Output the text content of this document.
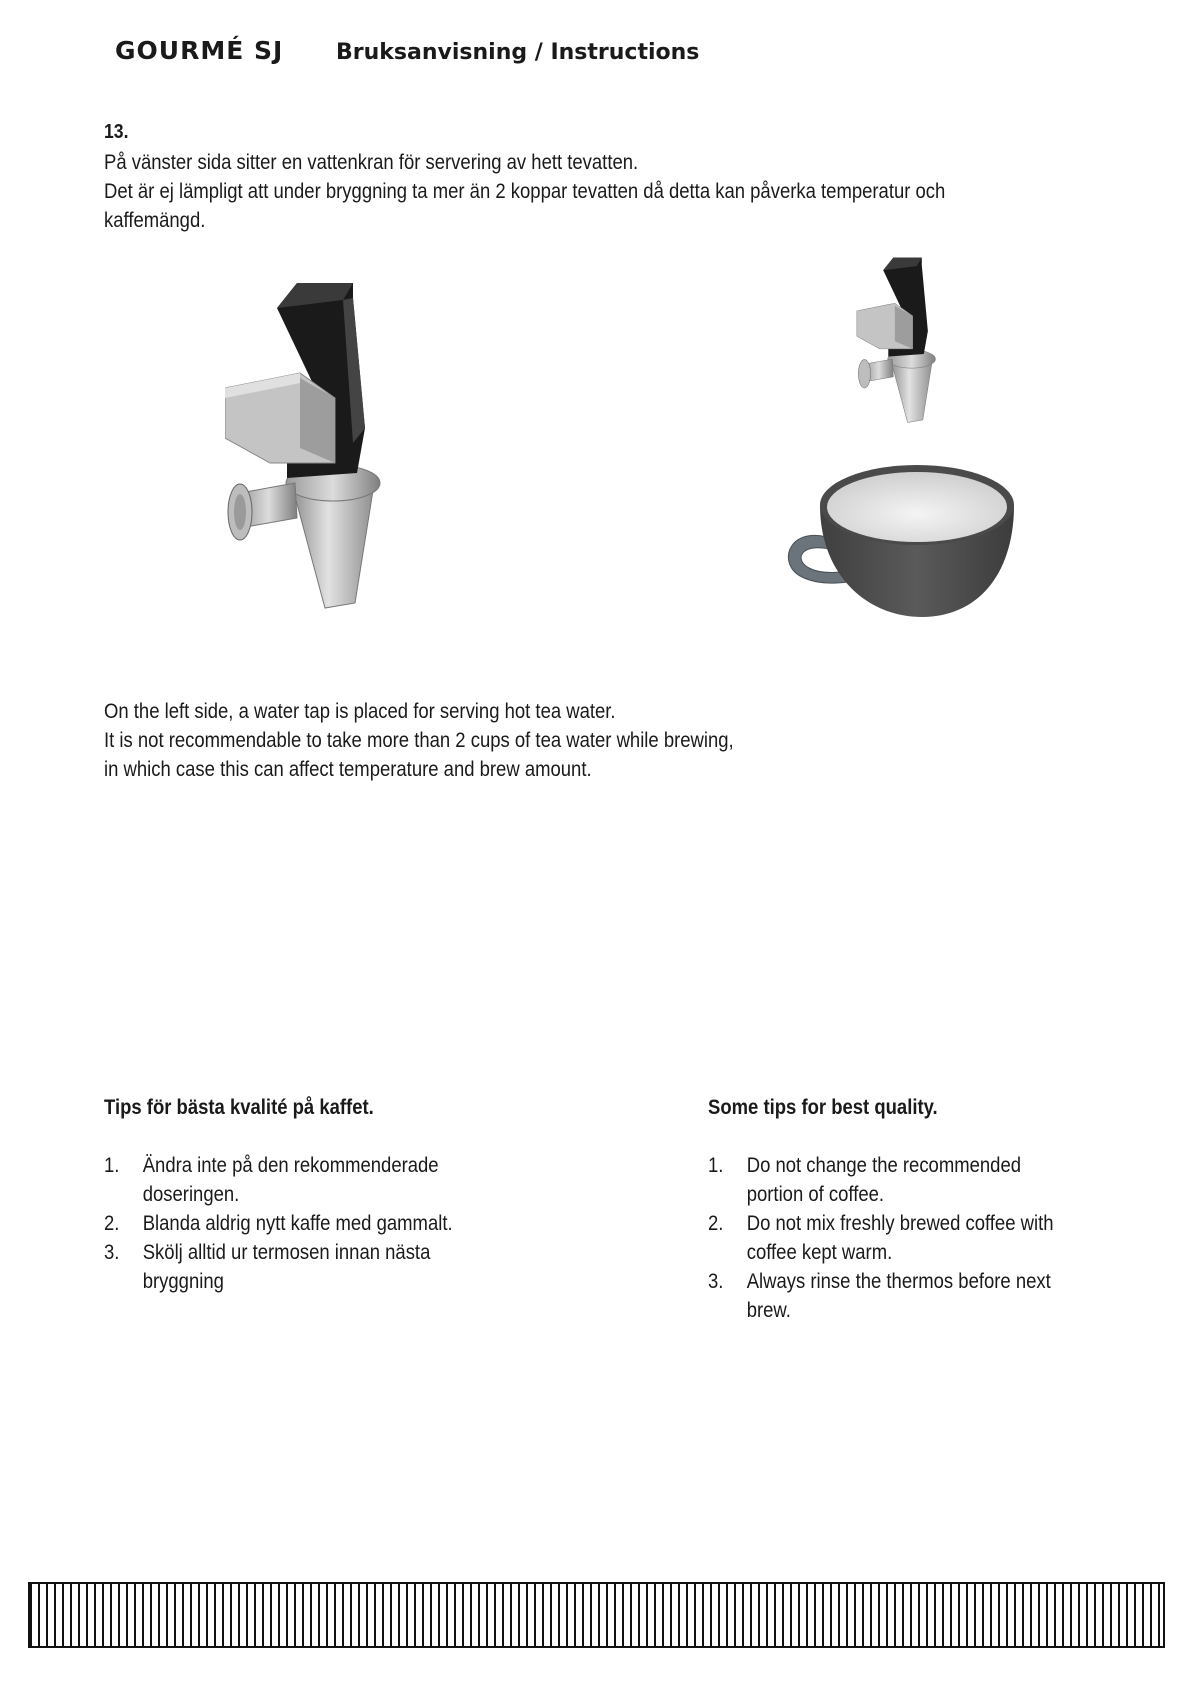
GOURMÉ SJ Bruksanvisning / Instructions
13.

På vänster sida sitter en vattenkran för servering av hett tevatten.

Det är ej lämpligt att under bryggning ta mer än 2 koppar tevatten då detta kan påverka temperatur och kaffemängd.

On the left side, a water tap is placed for serving hot tea water.

It is not recommendable to take more than 2 cups of tea water while brewing,

in which case this can affect temperature and brew amount.

Tips för bästa kvalité på kaffet.
1. Ändra inte på den rekommenderade doseringen.
2. Blanda aldrig nytt kaffe med gammalt.
3. Skölj alltid ur termosen innan nästa bryggning
Some tips for best quality.
1. Do not change the recommended portion of coffee.
2. Do not mix freshly brewed coffee with coffee kept warm.
3. Always rinse the thermos before next brew.
